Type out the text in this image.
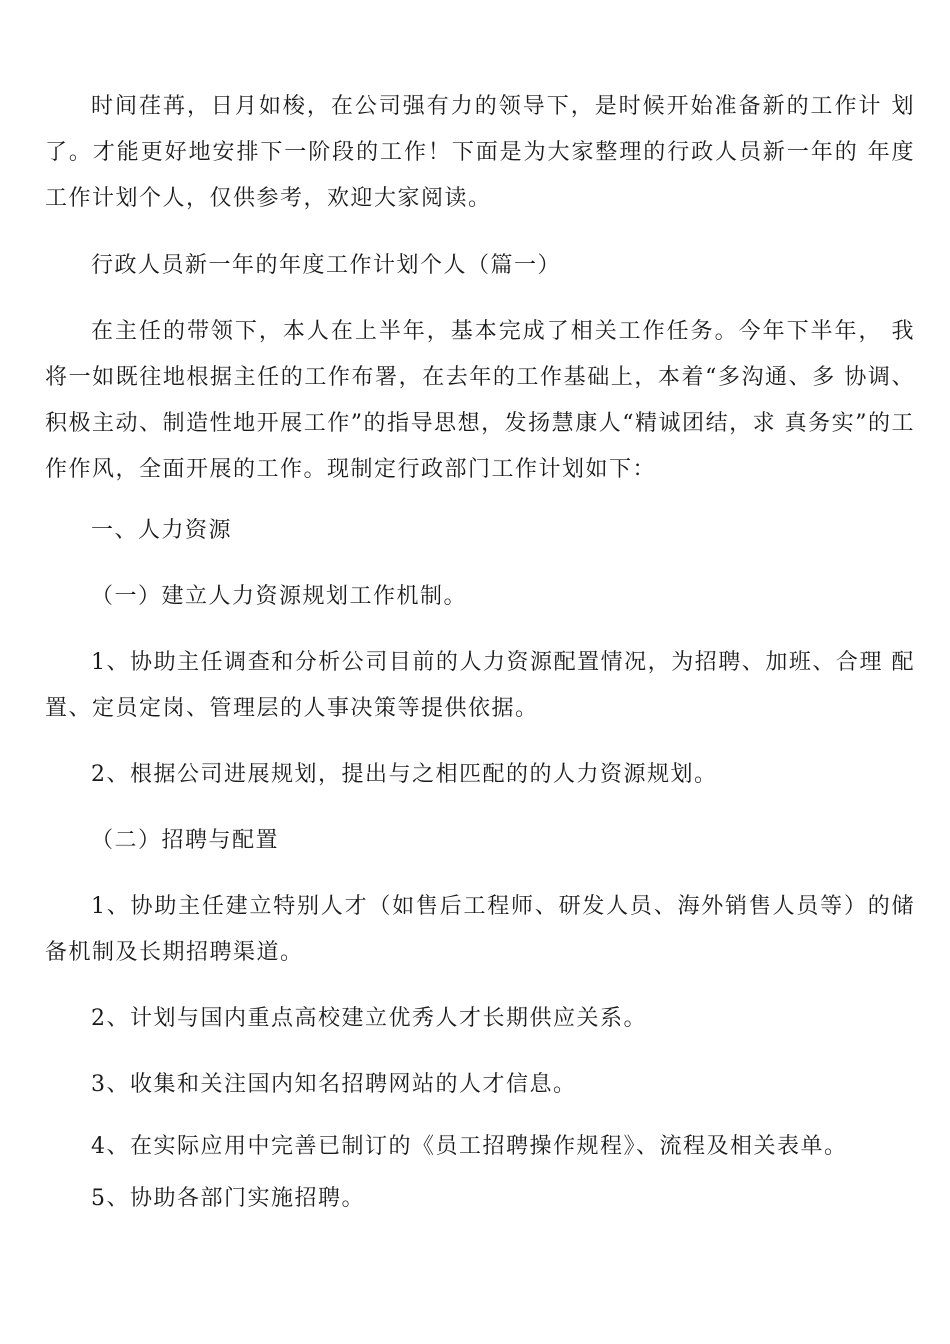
时间荏苒，日月如梭，在公司强有力的领导下，是时候开始准备新的工作计 划了。才能更好地安排下一阶段的工作！下面是为大家整理的行政人员新一年的 年度工作计划个人，仅供参考，欢迎大家阅读。

行政人员新一年的年度工作计划个人（篇一）

在主任的带领下，本人在上半年，基本完成了相关工作任务。今年下半年， 我将一如既往地根据主任的工作布署，在去年的工作基础上，本着“多沟通、多 协调、积极主动、制造性地开展工作”的指导思想，发扬慧康人“精诚团结，求 真务实”的工作作风，全面开展的工作。现制定行政部门工作计划如下：

一、人力资源

（一）建立人力资源规划工作机制。

1、协助主任调查和分析公司目前的人力资源配置情况，为招聘、加班、合理 配置、定员定岗、管理层的人事决策等提供依据。

2、根据公司进展规划，提出与之相匹配的的人力资源规划。

（二）招聘与配置

1、协助主任建立特别人才（如售后工程师、研发人员、海外销售人员等）的储 备机制及长期招聘渠道。

2、计划与国内重点高校建立优秀人才长期供应关系。

3、收集和关注国内知名招聘网站的人才信息。

4、在实际应用中完善已制订的《员工招聘操作规程》、流程及相关表单。

5、协助各部门实施招聘。
